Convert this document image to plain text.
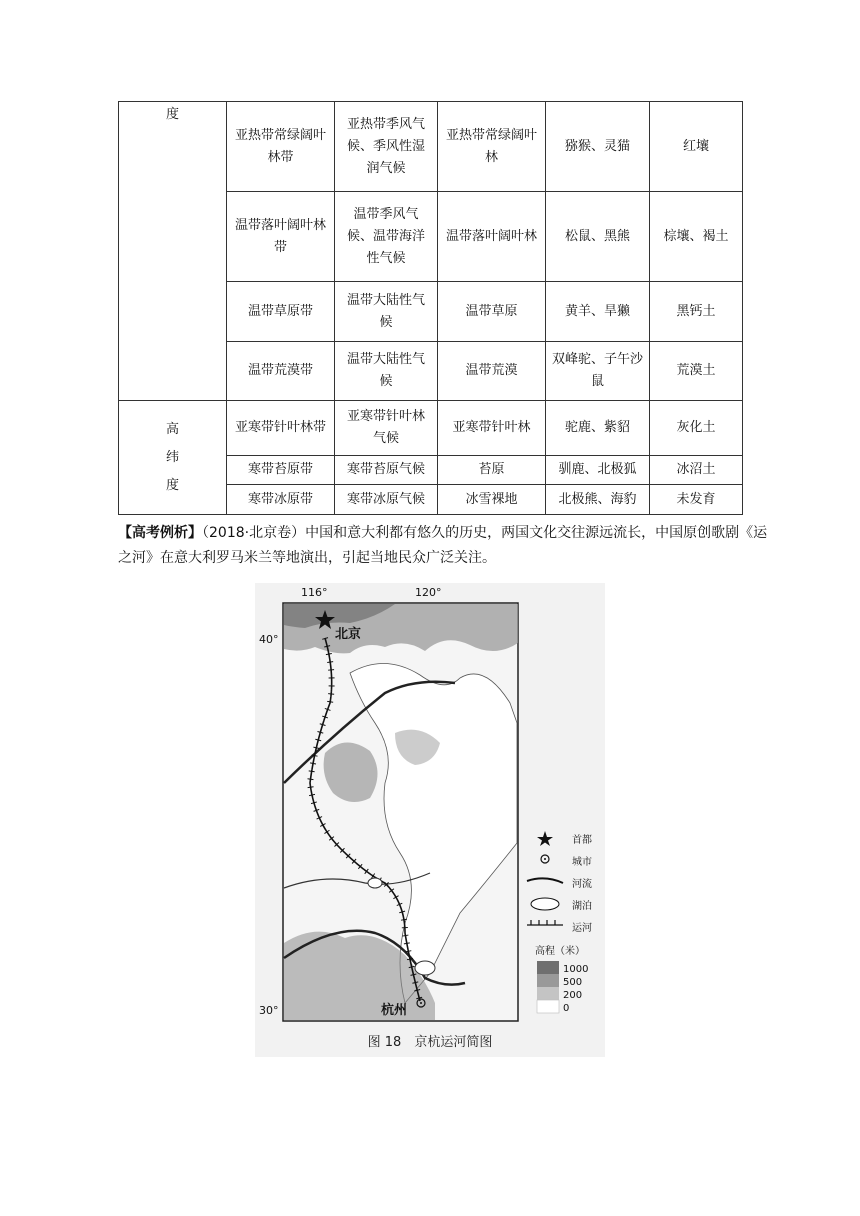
度	亚热带常绿阔叶林带	亚热带季风气候、季风性湿润气候	亚热带常绿阔叶林	猕猴、灵猫	红壤
	温带落叶阔叶林带	温带季风气候、温带海洋性气候	温带落叶阔叶林	松鼠、黑熊	棕壤、褐土
	温带草原带	温带大陆性气候	温带草原	黄羊、旱獭	黑钙土
	温带荒漠带	温带大陆性气候	温带荒漠	双峰驼、子午沙鼠	荒漠土
高纬度	亚寒带针叶林带	亚寒带针叶林气候	亚寒带针叶林	驼鹿、紫貂	灰化土
	寒带苔原带	寒带苔原气候	苔原	驯鹿、北极狐	冰沼土
	寒带冰原带	寒带冰原气候	冰雪裸地	北极熊、海豹	未发育
【高考例析】（2018·北京卷）中国和意大利都有悠久的历史，两国文化交往源远流长，中国原创歌剧《运之河》在意大利罗马米兰等地演出，引起当地民众广泛关注。
116°	120°
40°
30°
北京
杭州
首都
城市
河流
湖泊
运河
高程（米）
1000
500
200
0
图 18　京杭运河简图
